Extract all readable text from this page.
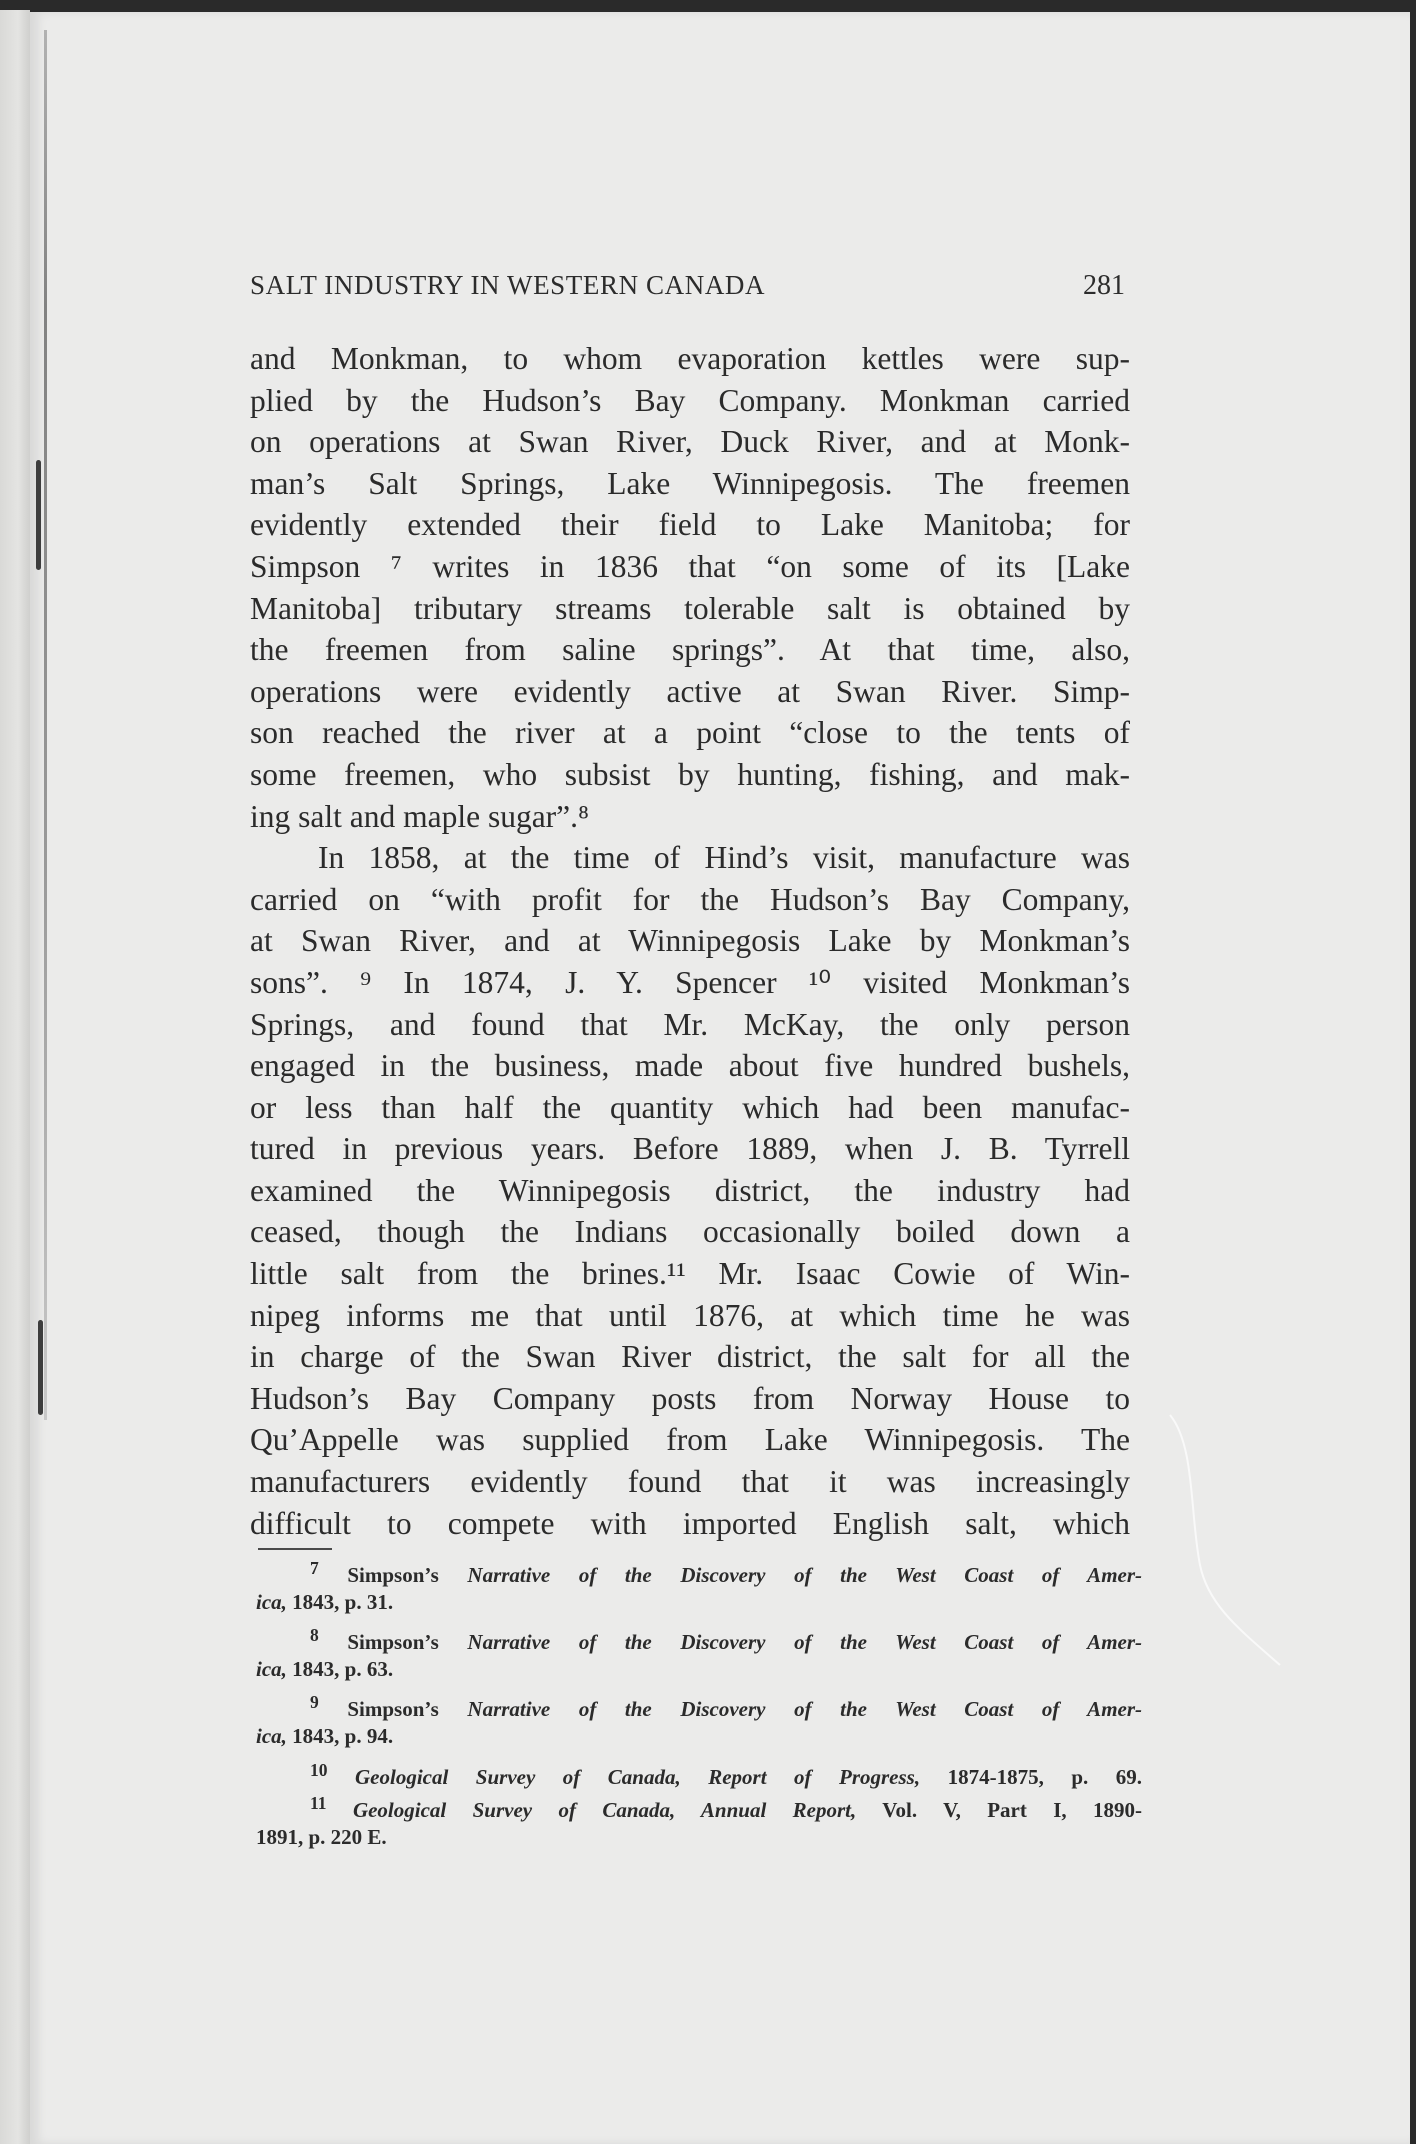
SALT INDUSTRY IN WESTERN CANADA	281
and Monkman, to whom evaporation kettles were sup-
plied by the Hudson’s Bay Company. Monkman carried
on operations at Swan River, Duck River, and at Monk-
man’s Salt Springs, Lake Winnipegosis. The freemen
evidently extended their field to Lake Manitoba; for
Simpson ⁷ writes in 1836 that “on some of its [Lake
Manitoba] tributary streams tolerable salt is obtained by
the freemen from saline springs”. At that time, also,
operations were evidently active at Swan River. Simp-
son reached the river at a point “close to the tents of
some freemen, who subsist by hunting, fishing, and mak-
ing salt and maple sugar”.⁸
In 1858, at the time of Hind’s visit, manufacture was
carried on “with profit for the Hudson’s Bay Company,
at Swan River, and at Winnipegosis Lake by Monkman’s
sons”. ⁹ In 1874, J. Y. Spencer ¹⁰ visited Monkman’s
Springs, and found that Mr. McKay, the only person
engaged in the business, made about five hundred bushels,
or less than half the quantity which had been manufac-
tured in previous years. Before 1889, when J. B. Tyrrell
examined the Winnipegosis district, the industry had
ceased, though the Indians occasionally boiled down a
little salt from the brines.¹¹ Mr. Isaac Cowie of Win-
nipeg informs me that until 1876, at which time he was
in charge of the Swan River district, the salt for all the
Hudson’s Bay Company posts from Norway House to
Qu’Appelle was supplied from Lake Winnipegosis. The
manufacturers evidently found that it was increasingly
difficult to compete with imported English salt, which
$^7$ Simpson’s Narrative of the Discovery of the West Coast of Amer-
ica, 1843, p. 31.
$^8$ Simpson’s Narrative of the Discovery of the West Coast of Amer-
ica, 1843, p. 63.
$^9$ Simpson’s Narrative of the Discovery of the West Coast of Amer-
ica, 1843, p. 94.
$^{10}$ Geological Survey of Canada, Report of Progress, 1874-1875, p. 69.
$^{11}$ Geological Survey of Canada, Annual Report, Vol. V, Part I, 1890-
1891, p. 220 E.
